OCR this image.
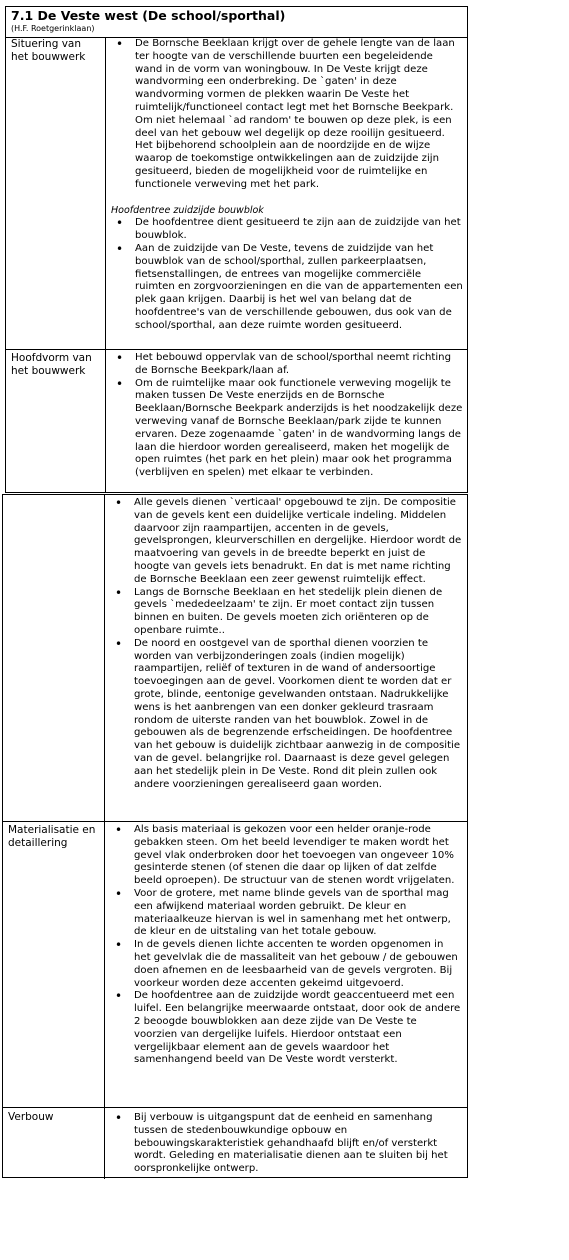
7.1 De Veste west (De school/sporthal)
(H.F. Roetgerinklaan)
Situering van
het bouwwerk
• De Bornsche Beeklaan krijgt over de gehele lengte van de laan ter hoogte van de verschillende buurten een begeleidende wand in de vorm van woningbouw. In De Veste krijgt deze wandvorming een onderbreking. De `gaten' in deze wandvorming vormen de plekken waarin De Veste het ruimtelijk/functioneel contact legt met het Bornsche Beekpark. Om niet helemaal `ad random' te bouwen op deze plek, is een deel van het gebouw wel degelijk op deze rooilijn gesitueerd. Het bijbehorend schoolplein aan de noordzijde en de wijze waarop de toekomstige ontwikkelingen aan de zuidzijde zijn gesitueerd, bieden de mogelijkheid voor de ruimtelijke en functionele verweving met het park.
Hoofdentree zuidzijde bouwblok
• De hoofdentree dient gesitueerd te zijn aan de zuidzijde van het bouwblok.
• Aan de zuidzijde van De Veste, tevens de zuidzijde van het bouwblok van de school/sporthal, zullen parkeerplaatsen, fietsenstallingen, de entrees van mogelijke commerciële ruimten en zorgvoorzieningen en die van de appartementen een plek gaan krijgen. Daarbij is het wel van belang dat de hoofdentree's van de verschillende gebouwen, dus ook van de school/sporthal, aan deze ruimte worden gesitueerd.
Hoofdvorm van
het bouwwerk
• Het bebouwd oppervlak van de school/sporthal neemt richting de Bornsche Beekpark/laan af.
• Om de ruimtelijke maar ook functionele verweving mogelijk te maken tussen De Veste enerzijds en de Bornsche Beeklaan/Bornsche Beekpark anderzijds is het noodzakelijk deze verweving vanaf de Bornsche Beeklaan/park zijde te kunnen ervaren. Deze zogenaamde `gaten' in de wandvorming langs de laan die hierdoor worden gerealiseerd, maken het mogelijk de open ruimtes (het park en het plein) maar ook het programma (verblijven en spelen) met elkaar te verbinden.
• Alle gevels dienen `verticaal' opgebouwd te zijn. De compositie van de gevels kent een duidelijke verticale indeling. Middelen daarvoor zijn raampartijen, accenten in de gevels, gevelsprongen, kleurverschillen en dergelijke. Hierdoor wordt de maatvoering van gevels in de breedte beperkt en juist de hoogte van gevels iets benadrukt. En dat is met name richting de Bornsche Beeklaan een zeer gewenst ruimtelijk effect.
• Langs de Bornsche Beeklaan en het stedelijk plein dienen de gevels `mededeelzaam' te zijn. Er moet contact zijn tussen binnen en buiten. De gevels moeten zich oriënteren op de openbare ruimte..
• De noord en oostgevel van de sporthal dienen voorzien te worden van verbijzonderingen zoals (indien mogelijk) raampartijen, reliëf of texturen in de wand of andersoortige toevoegingen aan de gevel. Voorkomen dient te worden dat er grote, blinde, eentonige gevelwanden ontstaan. Nadrukkelijke wens is het aanbrengen van een donker gekleurd trasraam rondom de uiterste randen van het bouwblok. Zowel in de gebouwen als de begrenzende erfscheidingen. De hoofdentree van het gebouw is duidelijk zichtbaar aanwezig in de compositie van de gevel. belangrijke rol. Daarnaast is deze gevel gelegen aan het stedelijk plein in De Veste. Rond dit plein zullen ook andere voorzieningen gerealiseerd gaan worden.
Materialisatie en
detaillering
• Als basis materiaal is gekozen voor een helder oranje-rode gebakken steen. Om het beeld levendiger te maken wordt het gevel vlak onderbroken door het toevoegen van ongeveer 10% gesinterde stenen (of stenen die daar op lijken of dat zelfde beeld oproepen). De structuur van de stenen wordt vrijgelaten.
• Voor de grotere, met name blinde gevels van de sporthal mag een afwijkend materiaal worden gebruikt. De kleur en materiaalkeuze hiervan is wel in samenhang met het ontwerp, de kleur en de uitstaling van het totale gebouw.
• In de gevels dienen lichte accenten te worden opgenomen in het gevelvlak die de massaliteit van het gebouw / de gebouwen doen afnemen en de leesbaarheid van de gevels vergroten. Bij voorkeur worden deze accenten gekeimd uitgevoerd.
• De hoofdentree aan de zuidzijde wordt geaccentueerd met een luifel. Een belangrijke meerwaarde ontstaat, door ook de andere 2 beoogde bouwblokken aan deze zijde van De Veste te voorzien van dergelijke luifels. Hierdoor ontstaat een vergelijkbaar element aan de gevels waardoor het samenhangend beeld van De Veste wordt versterkt.
Verbouw
•	Bij verbouw is uitgangspunt dat de eenheid en samenhang tussen de stedenbouwkundige opbouw en bebouwingskarakteristiek gehandhaafd blijft en/of versterkt wordt. Geleding en materialisatie dienen aan te sluiten bij het oorspronkelijke ontwerp.
